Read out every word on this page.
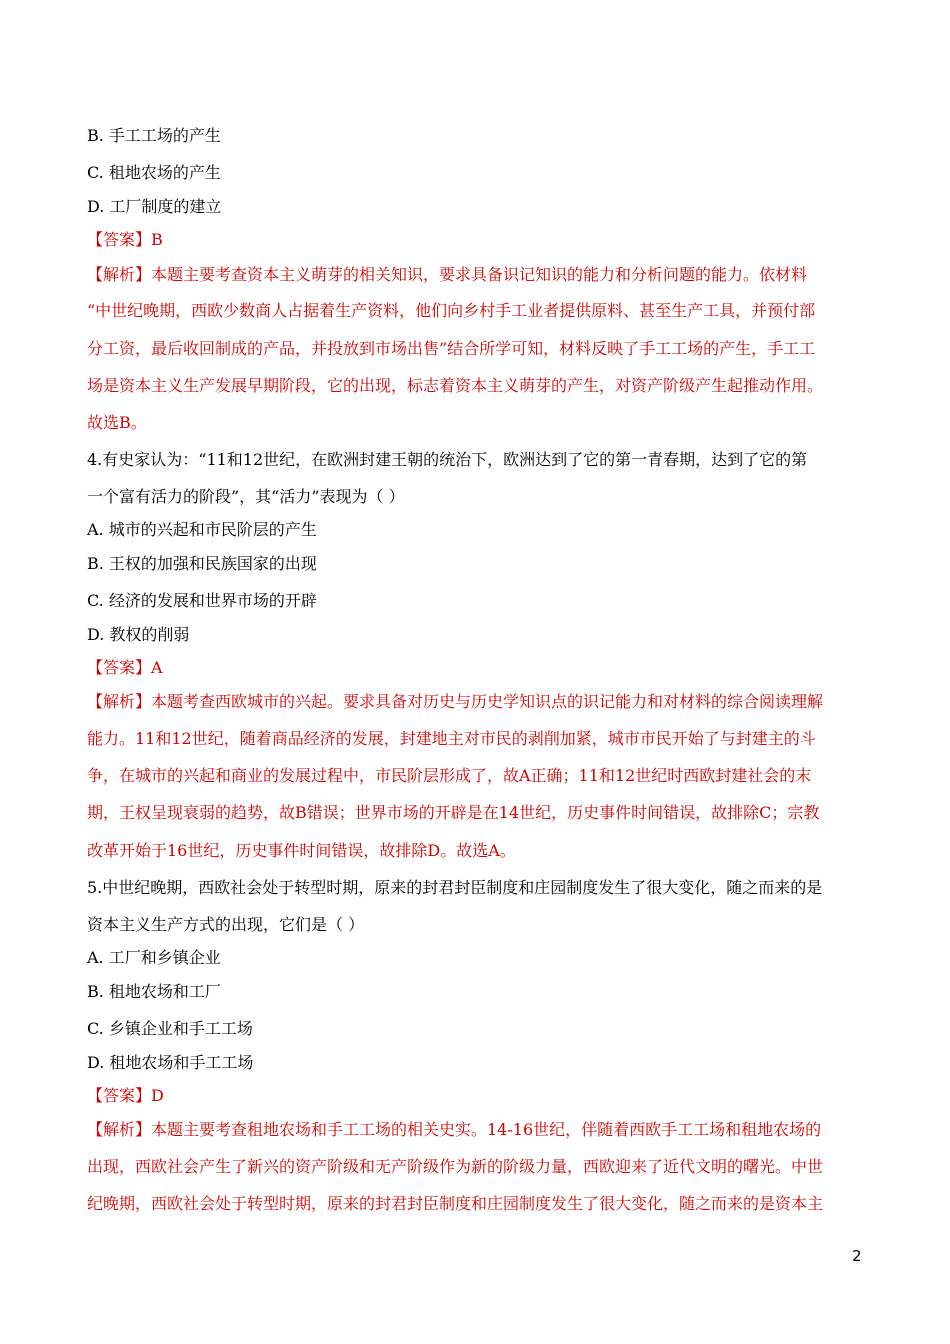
B. 手工工场的产生
C. 租地农场的产生
D. 工厂制度的建立
【答案】B
【解析】本题主要考查资本主义萌芽的相关知识，要求具备识记知识的能力和分析问题的能力。依材料
“中世纪晚期，西欧少数商人占据着生产资料，他们向乡村手工业者提供原料、甚至生产工具，并预付部
分工资，最后收回制成的产品，并投放到市场出售”结合所学可知，材料反映了手工工场的产生，手工工
场是资本主义生产发展早期阶段，它的出现，标志着资本主义萌芽的产生，对资产阶级产生起推动作用。
故选B。
4.有史家认为：“11和12世纪，在欧洲封建王朝的统治下，欧洲达到了它的第一青春期，达到了它的第
一个富有活力的阶段”，其“活力”表现为（ ）
A. 城市的兴起和市民阶层的产生
B. 王权的加强和民族国家的出现
C. 经济的发展和世界市场的开辟
D. 教权的削弱
【答案】A
【解析】本题考查西欧城市的兴起。要求具备对历史与历史学知识点的识记能力和对材料的综合阅读理解
能力。11和12世纪，随着商品经济的发展，封建地主对市民的剥削加紧，城市市民开始了与封建主的斗
争，在城市的兴起和商业的发展过程中，市民阶层形成了，故A正确；11和12世纪时西欧封建社会的末
期，王权呈现衰弱的趋势，故B错误；世界市场的开辟是在14世纪，历史事件时间错误，故排除C；宗教
改革开始于16世纪，历史事件时间错误，故排除D。故选A。
5.中世纪晚期，西欧社会处于转型时期，原来的封君封臣制度和庄园制度发生了很大变化，随之而来的是
资本主义生产方式的出现，它们是（ ）
A. 工厂和乡镇企业
B. 租地农场和工厂
C. 乡镇企业和手工工场
D. 租地农场和手工工场
【答案】D
【解析】本题主要考查租地农场和手工工场的相关史实。14-16世纪，伴随着西欧手工工场和租地农场的
出现，西欧社会产生了新兴的资产阶级和无产阶级作为新的阶级力量，西欧迎来了近代文明的曙光。中世
纪晚期，西欧社会处于转型时期，原来的封君封臣制度和庄园制度发生了很大变化，随之而来的是资本主
2
